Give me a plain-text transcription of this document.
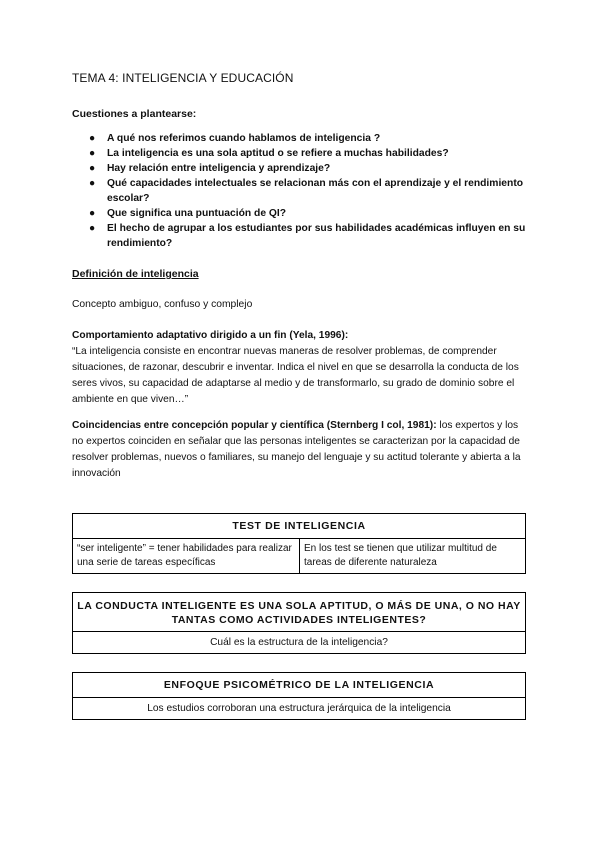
TEMA 4: INTELIGENCIA Y EDUCACIÓN

Cuestiones a plantearse:

● A qué nos referimos cuando hablamos de inteligencia ?
● La inteligencia es una sola aptitud o se refiere a muchas habilidades?
● Hay relación entre inteligencia y aprendizaje?
● Qué capacidades intelectuales se relacionan más con el aprendizaje y el rendimiento escolar?
● Que significa una puntuación de QI?
● El hecho de agrupar a los estudiantes por sus habilidades académicas influyen en su rendimiento?

Definición de inteligencia

Concepto ambiguo, confuso y complejo

Comportamiento adaptativo dirigido a un fin (Yela, 1996):
“La inteligencia consiste en encontrar nuevas maneras de resolver problemas, de comprender situaciones, de razonar, descubrir e inventar. Indica el nivel en que se desarrolla la conducta de los seres vivos, su capacidad de adaptarse al medio y de transformarlo, su grado de dominio sobre el ambiente en que viven…”

Coincidencias entre concepción popular y científica (Sternberg I col, 1981): los expertos y los no expertos coinciden en señalar que las personas inteligentes se caracterizan por la capacidad de resolver problemas, nuevos o familiares, su manejo del lenguaje y su actitud tolerante y abierta a la innovación

TEST DE INTELIGENCIA
“ser inteligente” = tener habilidades para realizar una serie de tareas específicas
En los test se tienen que utilizar multitud de tareas de diferente naturaleza
LA CONDUCTA INTELIGENTE ES UNA SOLA APTITUD, O MÁS DE UNA, O NO HAY TANTAS COMO ACTIVIDADES INTELIGENTES?
Cuál es la estructura de la inteligencia?
ENFOQUE PSICOMÉTRICO DE LA INTELIGENCIA
Los estudios corroboran una estructura jerárquica de la inteligencia
